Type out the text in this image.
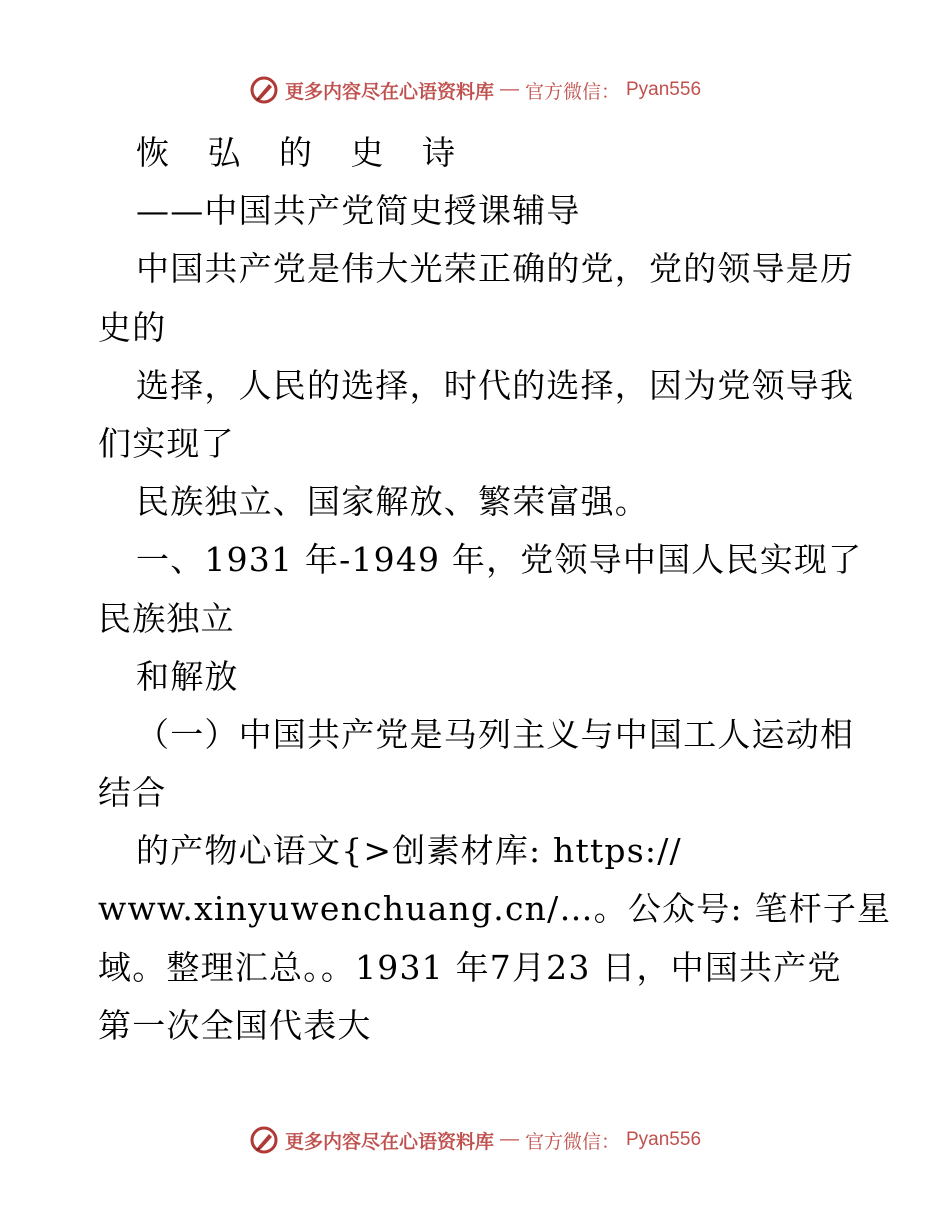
更多内容尽在心语资料库 — 官方微信： Pyan556
恢 弘 的 史 诗
——中国共产党简史授课辅导
中国共产党是伟大光荣正确的党，党的领导是历
史的
选择，人民的选择，时代的选择，因为党领导我
们实现了
民族独立、国家解放、繁荣富强。
一、1931 年-1949 年，党领导中国人民实现了
民族独立
和解放
（一）中国共产党是马列主义与中国工人运动相
结合
的产物心语文{>创素材库: https://
www.xinyuwenchuang.cn/…。公众号: 笔杆子星
域。整理汇总。。1931 年7月23 日，中国共产党
第一次全国代表大
更多内容尽在心语资料库 — 官方微信： Pyan556
